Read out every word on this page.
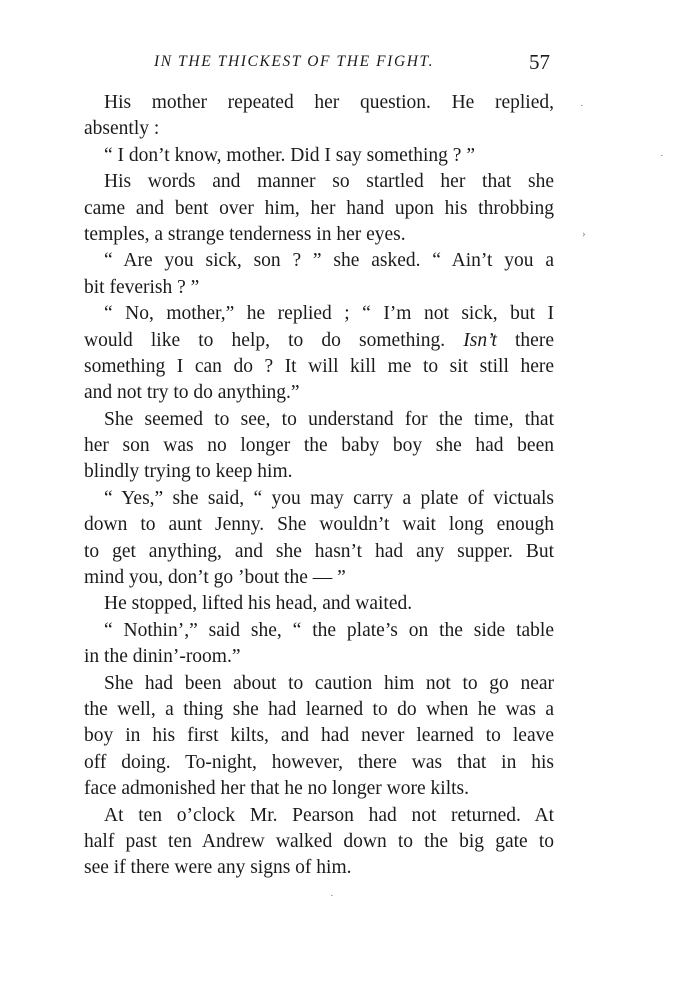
IN THE THICKEST OF THE FIGHT.	57
His mother repeated her question. He replied,
absently :
“ I don’t know, mother. Did I say something ? ”
His words and manner so startled her that she
came and bent over him, her hand upon his throbbing
temples, a strange tenderness in her eyes.
“ Are you sick, son ? ” she asked. “ Ain’t you a
bit feverish ? ”
“ No, mother,” he replied ; “ I’m not sick, but I
would like to help, to do something. Isn’t there
something I can do ? It will kill me to sit still here
and not try to do anything.”
She seemed to see, to understand for the time, that
her son was no longer the baby boy she had been
blindly trying to keep him.
“ Yes,” she said, “ you may carry a plate of victuals
down to aunt Jenny. She wouldn’t wait long enough
to get anything, and she hasn’t had any supper. But
mind you, don’t go ’bout the — ”
He stopped, lifted his head, and waited.
“ Nothin’,” said she, “ the plate’s on the side table
in the dinin’-room.”
She had been about to caution him not to go near
the well, a thing she had learned to do when he was a
boy in his first kilts, and had never learned to leave
off doing. To-night, however, there was that in his
face admonished her that he no longer wore kilts.
At ten o’clock Mr. Pearson had not returned. At
half past ten Andrew walked down to the big gate to
see if there were any signs of him.
·
·
›
·
